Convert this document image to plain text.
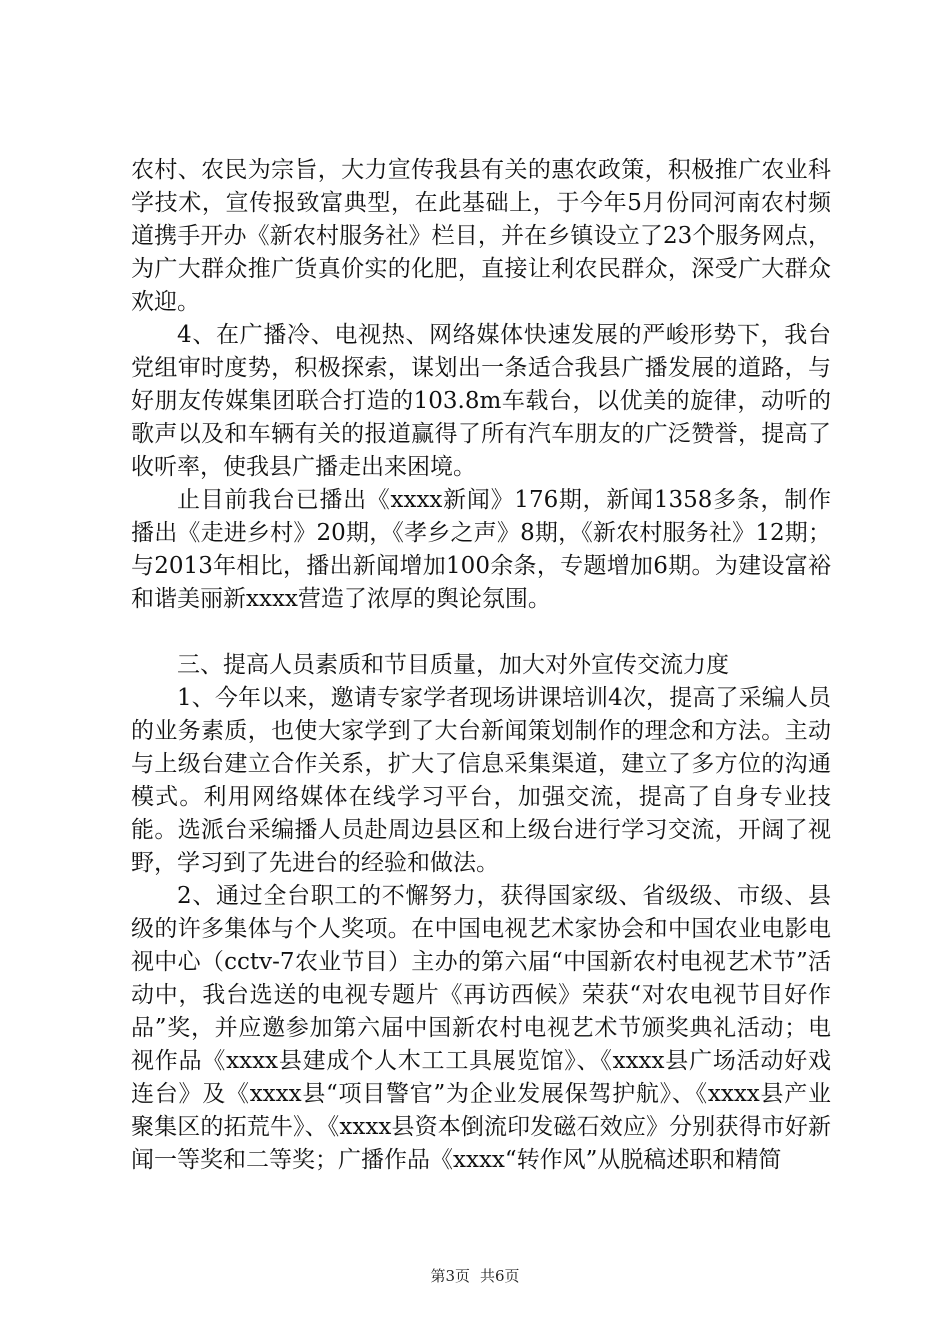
农村、农民为宗旨，大力宣传我县有关的惠农政策，积极推广农业科学技术，宣传报致富典型，在此基础上，于今年5月份同河南农村频道携手开办《新农村服务社》栏目，并在乡镇设立了23个服务网点，为广大群众推广货真价实的化肥，直接让利农民群众，深受广大群众欢迎。

4、在广播冷、电视热、网络媒体快速发展的严峻形势下，我台党组审时度势，积极探索，谋划出一条适合我县广播发展的道路，与好朋友传媒集团联合打造的103.8m车载台，以优美的旋律，动听的歌声以及和车辆有关的报道赢得了所有汽车朋友的广泛赞誉，提高了收听率，使我县广播走出来困境。

止目前我台已播出《xxxx新闻》176期，新闻1358多条，制作播出《走进乡村》20期，《孝乡之声》8期，《新农村服务社》12期；与2013年相比，播出新闻增加100余条，专题增加6期。为建设富裕和谐美丽新xxxx营造了浓厚的舆论氛围。

三、提高人员素质和节目质量，加大对外宣传交流力度

1、今年以来，邀请专家学者现场讲课培训4次，提高了采编人员的业务素质，也使大家学到了大台新闻策划制作的理念和方法。主动与上级台建立合作关系，扩大了信息采集渠道，建立了多方位的沟通模式。利用网络媒体在线学习平台，加强交流，提高了自身专业技能。选派台采编播人员赴周边县区和上级台进行学习交流，开阔了视野，学习到了先进台的经验和做法。

2、通过全台职工的不懈努力，获得国家级、省级级、市级、县级的许多集体与个人奖项。在中国电视艺术家协会和中国农业电影电视中心（cctv-7农业节目）主办的第六届“中国新农村电视艺术节”活动中，我台选送的电视专题片《再访西候》荣获“对农电视节目好作品”奖，并应邀参加第六届中国新农村电视艺术节颁奖典礼活动；电视作品《xxxx县建成个人木工工具展览馆》、《xxxx县广场活动好戏连台》及《xxxx县“项目警官”为企业发展保驾护航》、《xxxx县产业聚集区的拓荒牛》、《xxxx县资本倒流印发磁石效应》分别获得市好新闻一等奖和二等奖；广播作品《xxxx“转作风”从脱稿述职和精简

第3页 共6页
